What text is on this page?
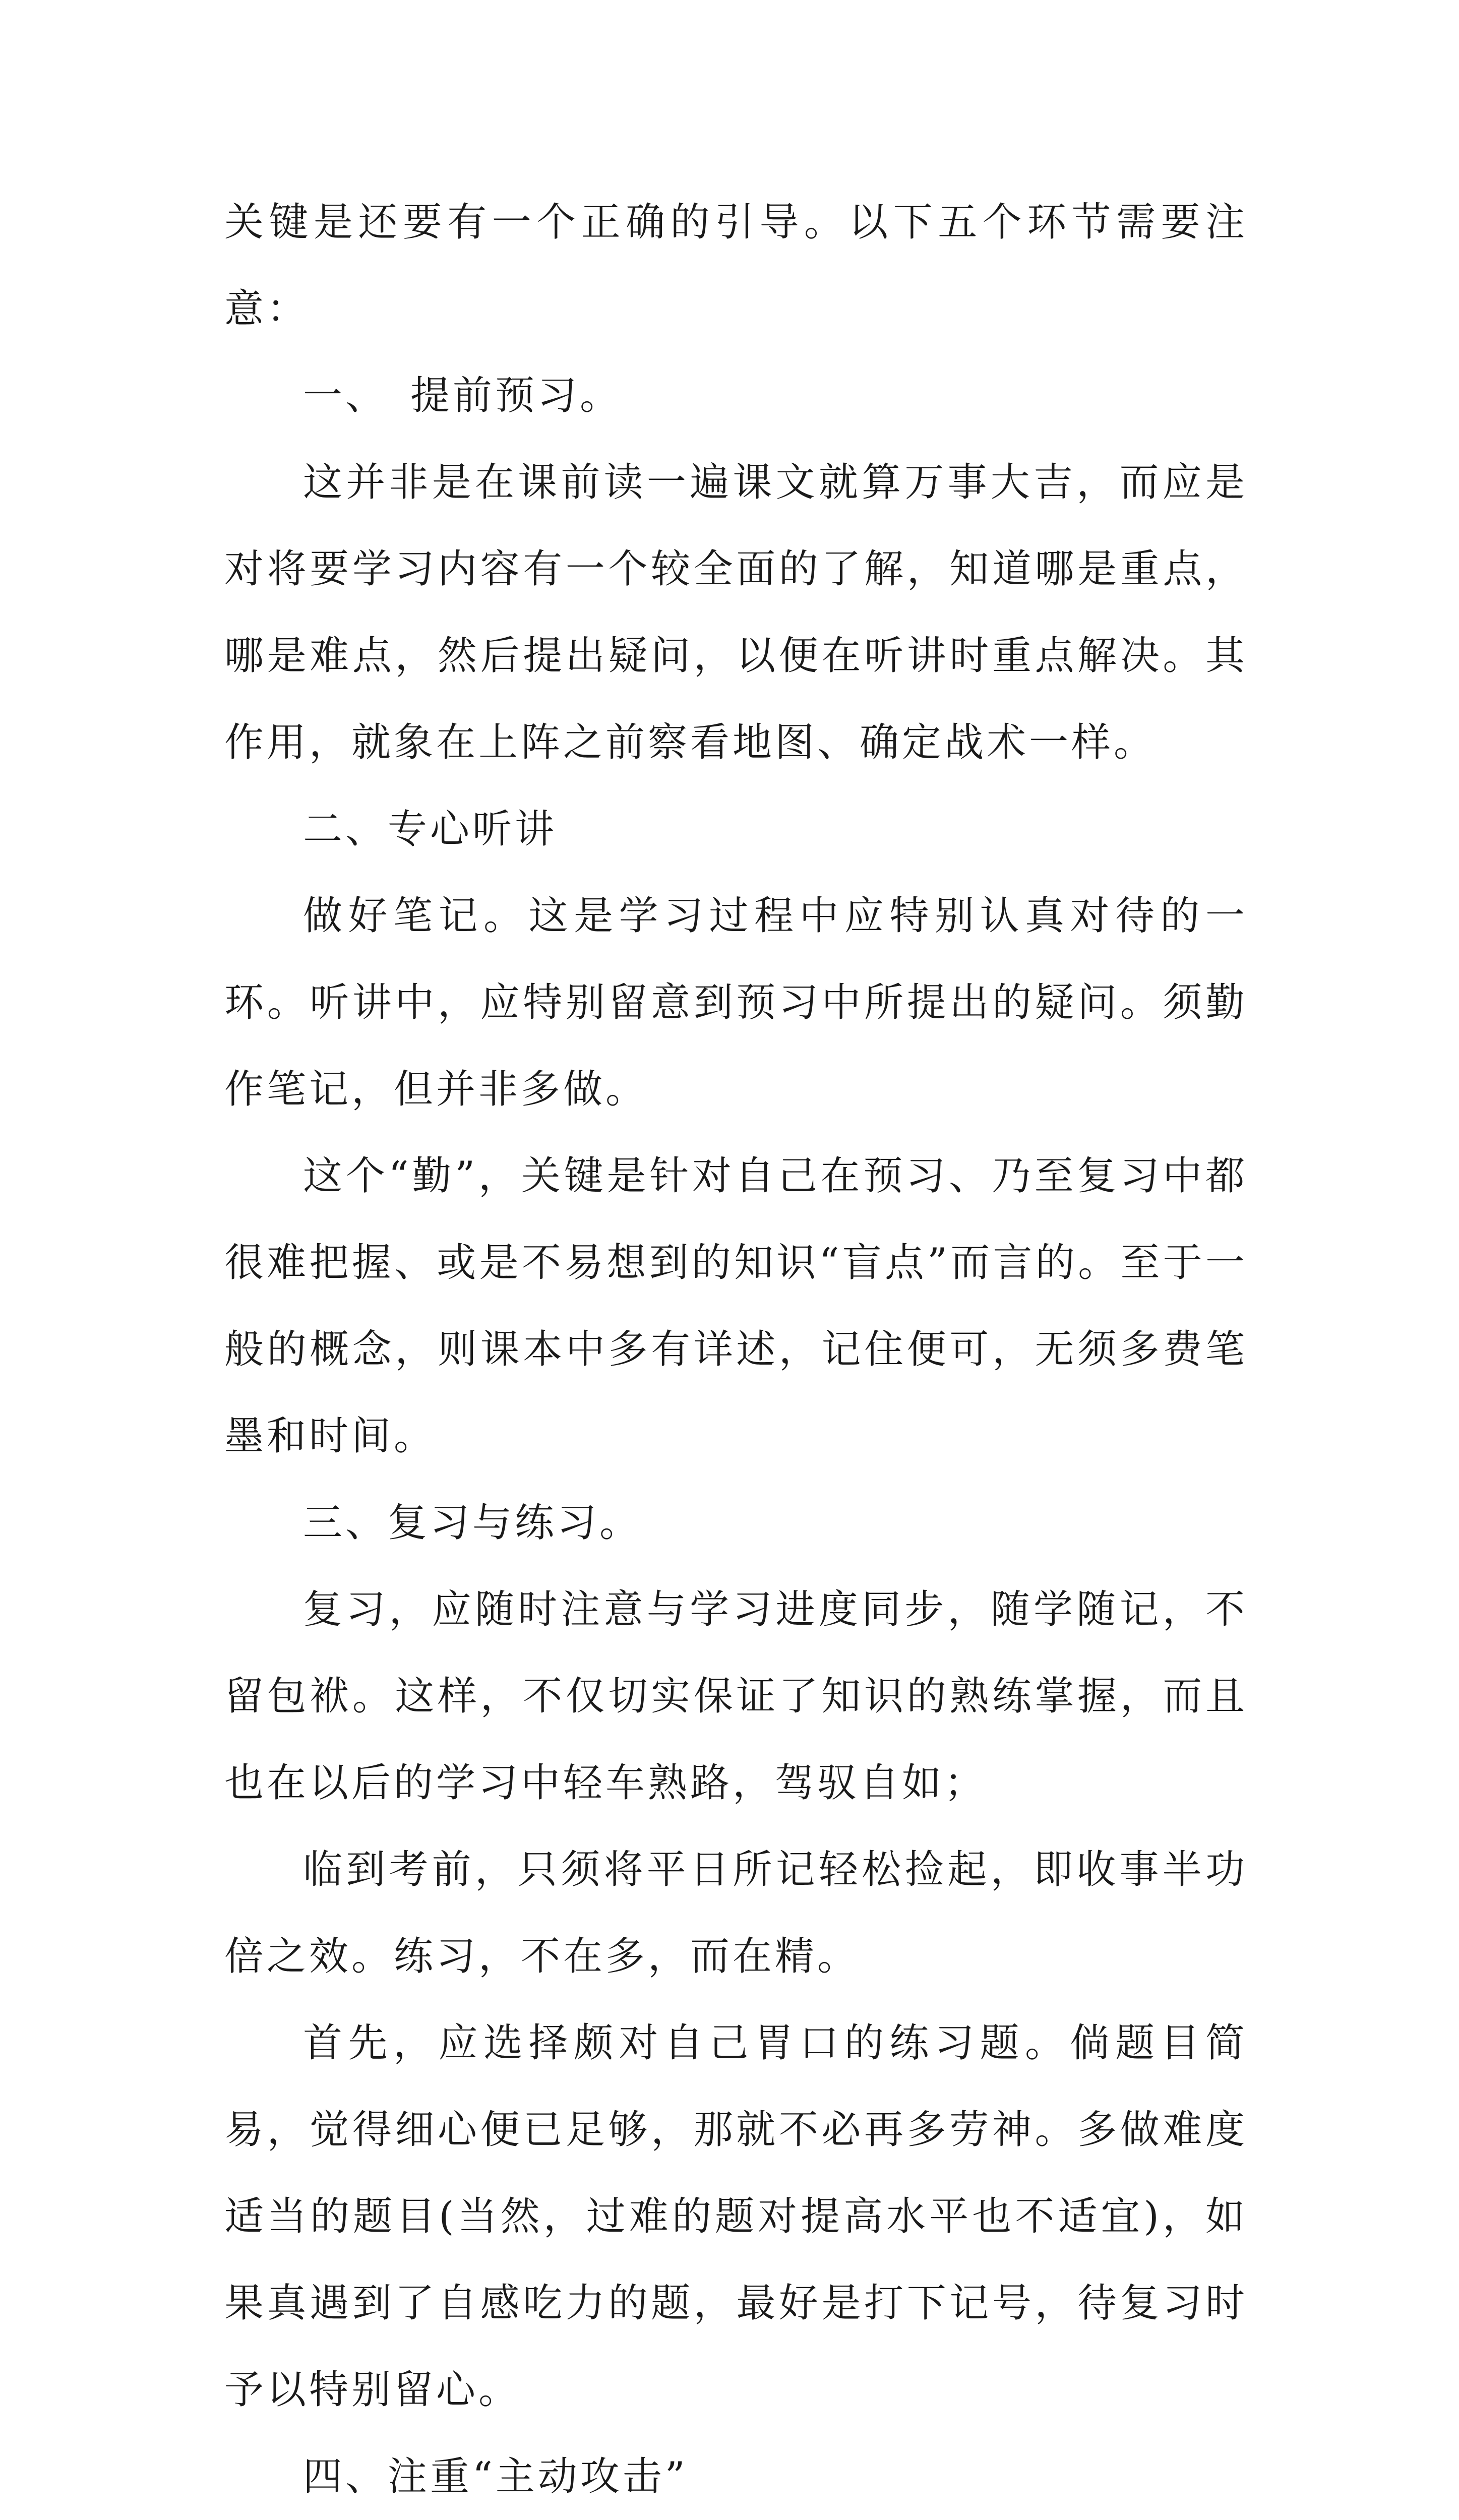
关键是还要有一个正确的引导。以下五个环节需要注意：

一、　提前预习。

这并非是在课前读一遍课文就算万事大吉，而应是对将要学习内容有一个较全面的了解，知道哪是重点，哪是难点，然后提出疑问，以便在听讲时重点解决。其作用，就象在上阵之前察看地图、确定战术一样。

二、专心听讲

做好笔记。这是学习过程中应特别认真对待的一环。听讲中，应特别留意到预习中所提出的疑问。须勤作笔记，但并非多做。

这个“勤”，关键是针对自己在预习、乃至复习中都很难把握、或是不易想到的知识“盲点”而言的。至于一般的概念，则课本中多有详述，记住便可，无须多费笔墨和时间。

三、复习与练习。

复习，应随时注意与学习进度同步，随学随记，不留包袱。这样，不仅切实保证了知识的熟练掌握，而且也在以后的学习中轻车熟路，驾驭自如；

临到考前，只须将平日所记轻松捡起，即收事半功倍之效。练习，不在多，而在精。

首先，应选择颇对自己胃口的练习题。倘题目简易，觉得细心便已足够，那就不必再多劳神。多做难度适当的题目(当然，过难的题对提高水平也不适宜)，如果真遇到了自感吃力的题，最好是打下记号，待复习时予以特别留心。

四、注重“主动攻击”
